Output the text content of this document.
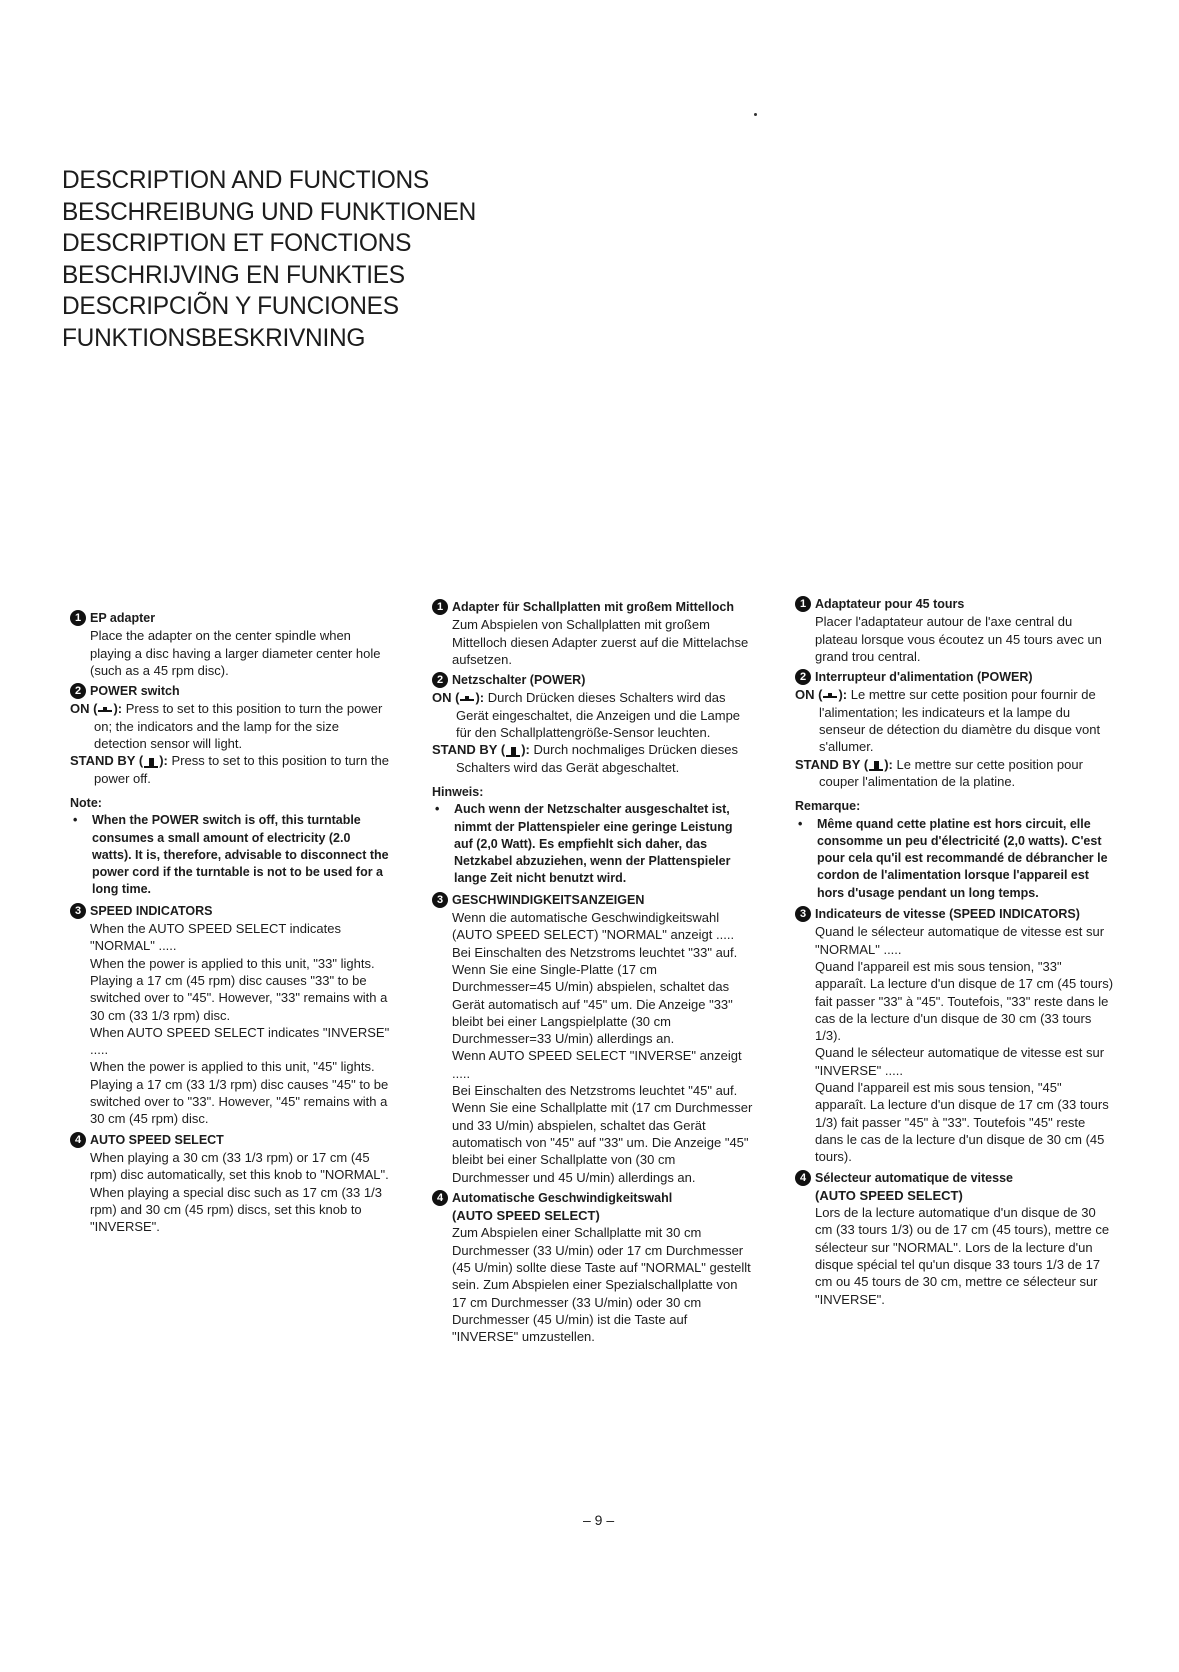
DESCRIPTION AND FUNCTIONS
BESCHREIBUNG UND FUNKTIONEN
DESCRIPTION ET FONCTIONS
BESCHRIJVING EN FUNKTIES
DESCRIPCIÕN Y FUNCIONES
FUNKTIONSBESKRIVNING
1 EP adapter
Place the adapter on the center spindle when playing a disc having a larger diameter center hole (such as a 45 rpm disc).
2 POWER switch
ON ( ): Press to set to this position to turn the power on; the indicators and the lamp for the size detection sensor will light.
STAND BY ( ): Press to set to this position to turn the power off.
Note:
• When the POWER switch is off, this turntable consumes a small amount of electricity (2.0 watts). It is, therefore, advisable to disconnect the power cord if the turntable is not to be used for a long time.
3 SPEED INDICATORS
When the AUTO SPEED SELECT indicates "NORMAL" .....
When the power is applied to this unit, "33" lights. Playing a 17 cm (45 rpm) disc causes "33" to be switched over to "45". However, "33" remains with a 30 cm (33 1/3 rpm) disc.
When AUTO SPEED SELECT indicates "INVERSE" .....
When the power is applied to this unit, "45" lights. Playing a 17 cm (33 1/3 rpm) disc causes "45" to be switched over to "33". However, "45" remains with a 30 cm (45 rpm) disc.
4 AUTO SPEED SELECT
When playing a 30 cm (33 1/3 rpm) or 17 cm (45 rpm) disc automatically, set this knob to "NORMAL".
When playing a special disc such as 17 cm (33 1/3 rpm) and 30 cm (45 rpm) discs, set this knob to "INVERSE".
1 Adapter für Schallplatten mit großem Mittelloch
Zum Abspielen von Schallplatten mit großem Mittelloch diesen Adapter zuerst auf die Mittelachse aufsetzen.
2 Netzschalter (POWER)
ON ( ): Durch Drücken dieses Schalters wird das Gerät eingeschaltet, die Anzeigen und die Lampe für den Schallplattengröße-Sensor leuchten.
STAND BY ( ): Durch nochmaliges Drücken dieses Schalters wird das Gerät abgeschaltet.
Hinweis:
• Auch wenn der Netzschalter ausgeschaltet ist, nimmt der Plattenspieler eine geringe Leistung auf (2,0 Watt). Es empfiehlt sich daher, das Netzkabel abzuziehen, wenn der Plattenspieler lange Zeit nicht benutzt wird.
3 GESCHWINDIGKEITSANZEIGEN
Wenn die automatische Geschwindigkeitswahl (AUTO SPEED SELECT) "NORMAL" anzeigt .....
Bei Einschalten des Netzstroms leuchtet "33" auf.
Wenn Sie eine Single-Platte (17 cm Durchmesser=45 U/min) abspielen, schaltet das Gerät automatisch auf "45" um. Die Anzeige "33" bleibt bei einer Langspielplatte (30 cm Durchmesser=33 U/min) allerdings an.
Wenn AUTO SPEED SELECT "INVERSE" anzeigt .....
Bei Einschalten des Netzstroms leuchtet "45" auf.
Wenn Sie eine Schallplatte mit (17 cm Durchmesser und 33 U/min) abspielen, schaltet das Gerät automatisch von "45" auf "33" um. Die Anzeige "45" bleibt bei einer Schallplatte von (30 cm Durchmesser und 45 U/min) allerdings an.
4 Automatische Geschwindigkeitswahl
(AUTO SPEED SELECT)
Zum Abspielen einer Schallplatte mit 30 cm Durchmesser (33 U/min) oder 17 cm Durchmesser (45 U/min) sollte diese Taste auf "NORMAL" gestellt sein. Zum Abspielen einer Spezialschallplatte von 17 cm Durchmesser (33 U/min) oder 30 cm Durchmesser (45 U/min) ist die Taste auf "INVERSE" umzustellen.
1 Adaptateur pour 45 tours
Placer l'adaptateur autour de l'axe central du plateau lorsque vous écoutez un 45 tours avec un grand trou central.
2 Interrupteur d'alimentation (POWER)
ON ( ): Le mettre sur cette position pour fournir de l'alimentation; les indicateurs et la lampe du senseur de détection du diamètre du disque vont s'allumer.
STAND BY ( ): Le mettre sur cette position pour couper l'alimentation de la platine.
Remarque:
• Même quand cette platine est hors circuit, elle consomme un peu d'électricité (2,0 watts). C'est pour cela qu'il est recommandé de débrancher le cordon de l'alimentation lorsque l'appareil est hors d'usage pendant un long temps.
3 Indicateurs de vitesse (SPEED INDICATORS)
Quand le sélecteur automatique de vitesse est sur "NORMAL" .....
Quand l'appareil est mis sous tension, "33" apparaît. La lecture d'un disque de 17 cm (45 tours) fait passer "33" à "45". Toutefois, "33" reste dans le cas de la lecture d'un disque de 30 cm (33 tours 1/3).
Quand le sélecteur automatique de vitesse est sur "INVERSE" .....
Quand l'appareil est mis sous tension, "45" apparaît. La lecture d'un disque de 17 cm (33 tours 1/3) fait passer "45" à "33". Toutefois "45" reste dans le cas de la lecture d'un disque de 30 cm (45 tours).
4 Sélecteur automatique de vitesse
(AUTO SPEED SELECT)
Lors de la lecture automatique d'un disque de 30 cm (33 tours 1/3) ou de 17 cm (45 tours), mettre ce sélecteur sur "NORMAL". Lors de la lecture d'un disque spécial tel qu'un disque 33 tours 1/3 de 17 cm ou 45 tours de 30 cm, mettre ce sélecteur sur "INVERSE".
– 9 –
